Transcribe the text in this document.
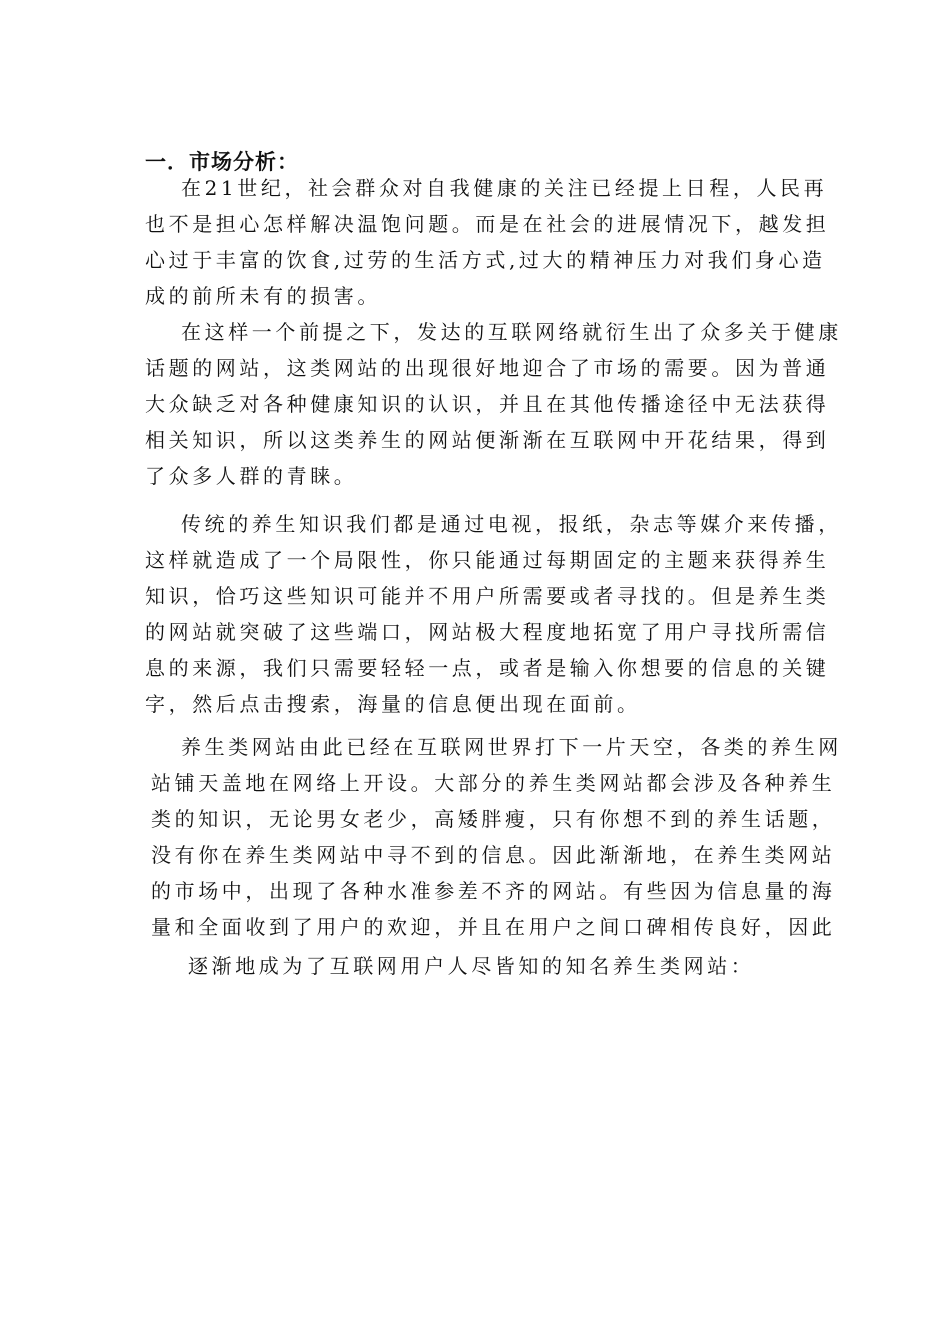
一．市场分析：
在21世纪，社会群众对自我健康的关注已经提上日程，人民再
也不是担心怎样解决温饱问题。而是在社会的进展情况下，越发担
心过于丰富的饮食,过劳的生活方式,过大的精神压力对我们身心造
成的前所未有的损害。
在这样一个前提之下，发达的互联网络就衍生出了众多关于健康
话题的网站，这类网站的出现很好地迎合了市场的需要。因为普通
大众缺乏对各种健康知识的认识，并且在其他传播途径中无法获得
相关知识，所以这类养生的网站便渐渐在互联网中开花结果，得到
了众多人群的青睐。
传统的养生知识我们都是通过电视，报纸，杂志等媒介来传播，
这样就造成了一个局限性，你只能通过每期固定的主题来获得养生
知识，恰巧这些知识可能并不用户所需要或者寻找的。但是养生类
的网站就突破了这些端口，网站极大程度地拓宽了用户寻找所需信
息的来源，我们只需要轻轻一点，或者是输入你想要的信息的关键
字，然后点击搜索，海量的信息便出现在面前。
养生类网站由此已经在互联网世界打下一片天空，各类的养生网
站铺天盖地在网络上开设。大部分的养生类网站都会涉及各种养生
类的知识，无论男女老少，高矮胖瘦，只有你想不到的养生话题，
没有你在养生类网站中寻不到的信息。因此渐渐地，在养生类网站
的市场中，出现了各种水准参差不齐的网站。有些因为信息量的海
量和全面收到了用户的欢迎，并且在用户之间口碑相传良好，因此
逐渐地成为了互联网用户人尽皆知的知名养生类网站：
